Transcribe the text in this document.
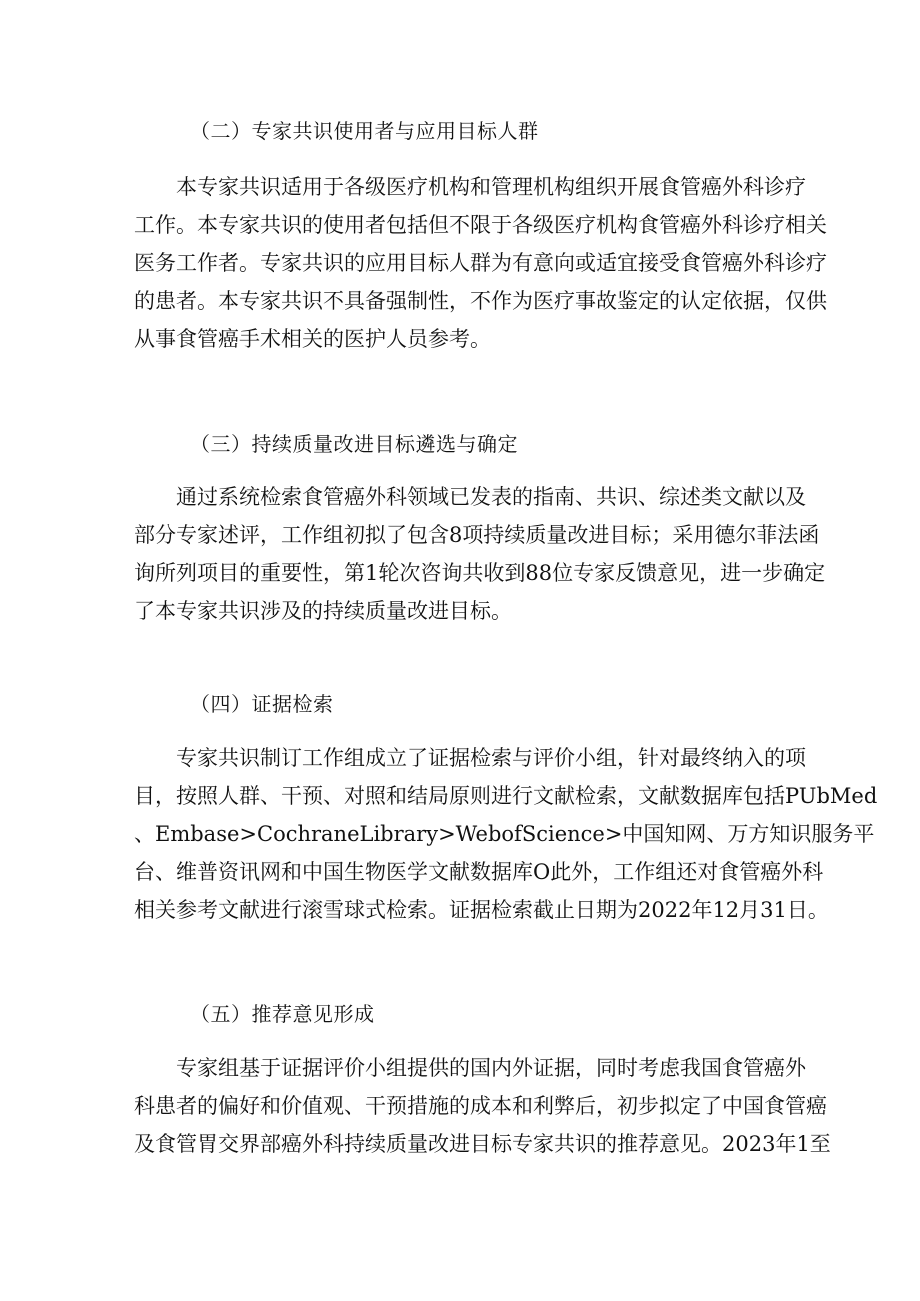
（二）专家共识使用者与应用目标人群
本专家共识适用于各级医疗机构和管理机构组织开展食管癌外科诊疗
工作。本专家共识的使用者包括但不限于各级医疗机构食管癌外科诊疗相关
医务工作者。专家共识的应用目标人群为有意向或适宜接受食管癌外科诊疗
的患者。本专家共识不具备强制性，不作为医疗事故鉴定的认定依据，仅供
从事食管癌手术相关的医护人员参考。
（三）持续质量改进目标遴选与确定
通过系统检索食管癌外科领域已发表的指南、共识、综述类文献以及
部分专家述评，工作组初拟了包含8项持续质量改进目标；采用德尔菲法函
询所列项目的重要性，第1轮次咨询共收到88位专家反馈意见，进一步确定
了本专家共识涉及的持续质量改进目标。
（四）证据检索
专家共识制订工作组成立了证据检索与评价小组，针对最终纳入的项
目，按照人群、干预、对照和结局原则进行文献检索，文献数据库包括PUbMed
、Embase>CochraneLibrary>WebofScience>中国知网、万方知识服务平
台、维普资讯网和中国生物医学文献数据库O此外，工作组还对食管癌外科
相关参考文献进行滚雪球式检索。证据检索截止日期为2022年12月31日。
（五）推荐意见形成
专家组基于证据评价小组提供的国内外证据，同时考虑我国食管癌外
科患者的偏好和价值观、干预措施的成本和利弊后，初步拟定了中国食管癌
及食管胃交界部癌外科持续质量改进目标专家共识的推荐意见。2023年1至
